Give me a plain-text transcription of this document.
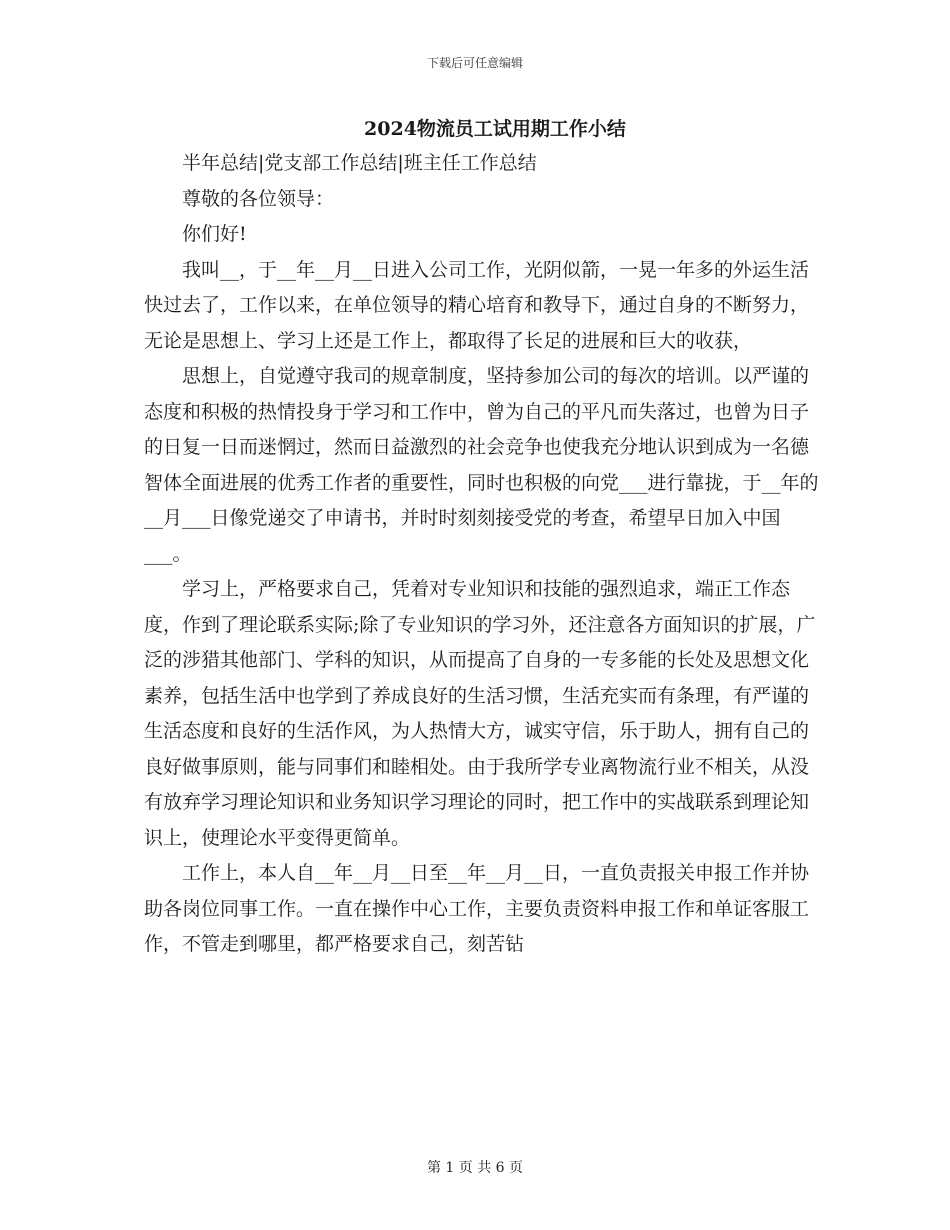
下载后可任意编辑
2024物流员工试用期工作小结

半年总结|党支部工作总结|班主任工作总结

尊敬的各位领导：

你们好!

我叫__，于__年__月__日进入公司工作，光阴似箭，一晃一年多的外运生活快过去了，工作以来，在单位领导的精心培育和教导下，通过自身的不断努力，无论是思想上、学习上还是工作上，都取得了长足的进展和巨大的收获，

思想上，自觉遵守我司的规章制度，坚持参加公司的每次的培训。以严谨的态度和积极的热情投身于学习和工作中，曾为自己的平凡而失落过，也曾为日子的日复一日而迷惘过，然而日益激烈的社会竞争也使我充分地认识到成为一名德智体全面进展的优秀工作者的重要性，同时也积极的向党___进行靠拢，于__年的__月___日像党递交了申请书，并时时刻刻接受党的考查，希望早日加入中国___。

学习上，严格要求自己，凭着对专业知识和技能的强烈追求，端正工作态度，作到了理论联系实际;除了专业知识的学习外，还注意各方面知识的扩展，广泛的涉猎其他部门、学科的知识，从而提高了自身的一专多能的长处及思想文化素养，包括生活中也学到了养成良好的生活习惯，生活充实而有条理，有严谨的生活态度和良好的生活作风，为人热情大方，诚实守信，乐于助人，拥有自己的良好做事原则，能与同事们和睦相处。由于我所学专业离物流行业不相关，从没有放弃学习理论知识和业务知识学习理论的同时，把工作中的实战联系到理论知识上，使理论水平变得更简单。

工作上，本人自__年__月__日至__年__月__日，一直负责报关申报工作并协助各岗位同事工作。一直在操作中心工作，主要负责资料申报工作和单证客服工作，不管走到哪里，都严格要求自己，刻苦钻

第 1 页 共 6 页
